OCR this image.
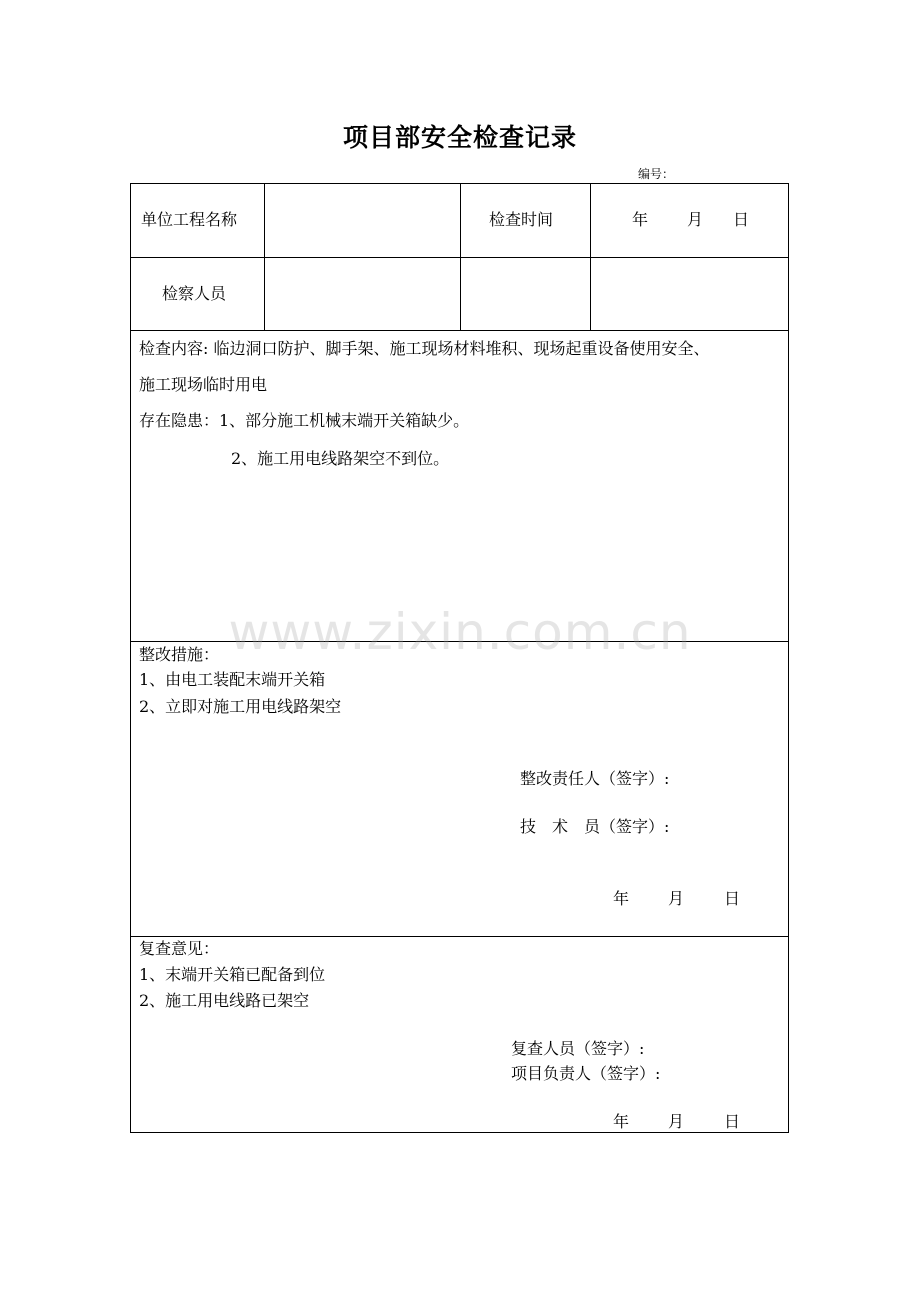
项目部安全检查记录
编号：
单位工程名称	检查时间	年 月 日
检察人员
检查内容: 临边洞口防护、脚手架、施工现场材料堆积、现场起重设备使用安全、
施工现场临时用电
存在隐患：1、部分施工机械末端开关箱缺少。
2、施工用电线路架空不到位。
www.zixin.com.cn
整改措施：
1、由电工装配末端开关箱
2、立即对施工用电线路架空
整改责任人（签字）:
技　术　员（签字）:
年 月 日
复查意见：
1、末端开关箱已配备到位
2、施工用电线路已架空
复查人员（签字）:
项目负责人（签字）:
年 月 日
